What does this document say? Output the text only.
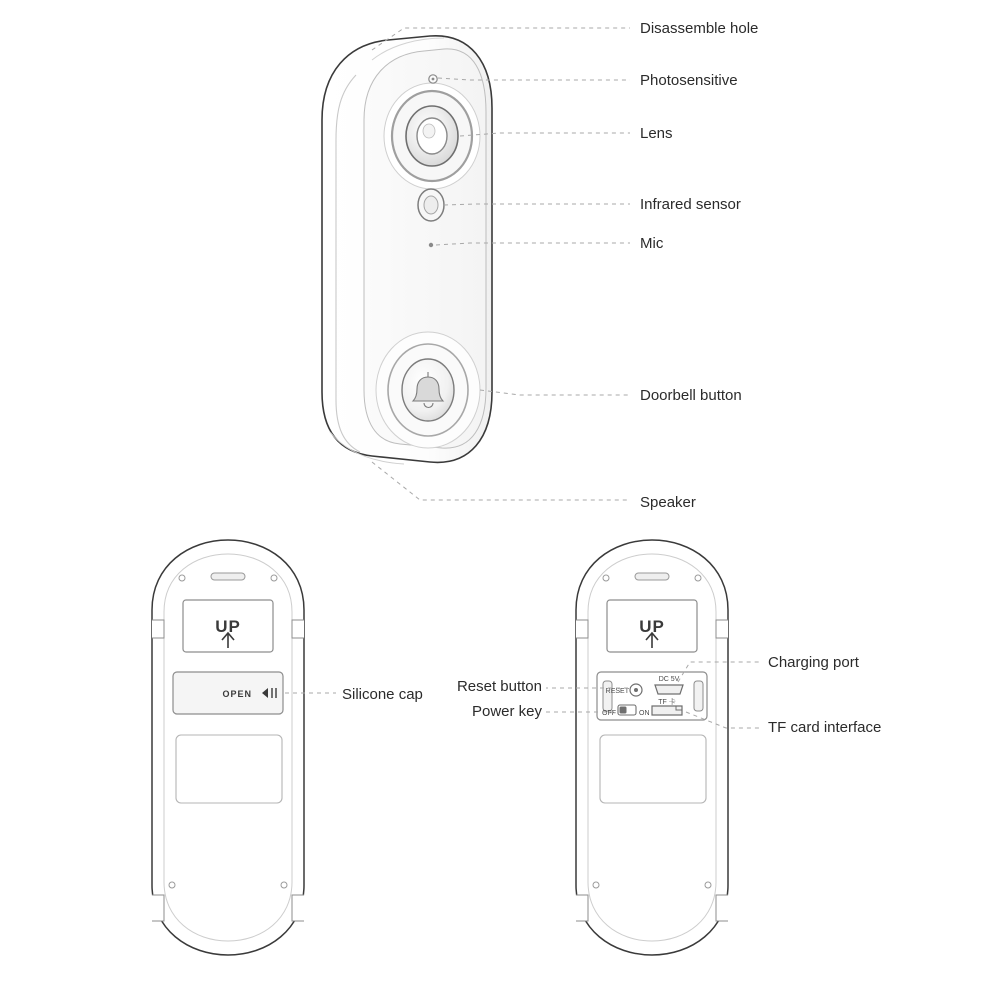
UP
OPEN
UP
RESET
DC 5V
TF 卡
OFF	ON
Disassemble hole
Photosensitive
Lens
Infrared sensor
Mic
Doorbell button
Speaker
Silicone cap
Charging port
TF card interface
Reset button
Power key
